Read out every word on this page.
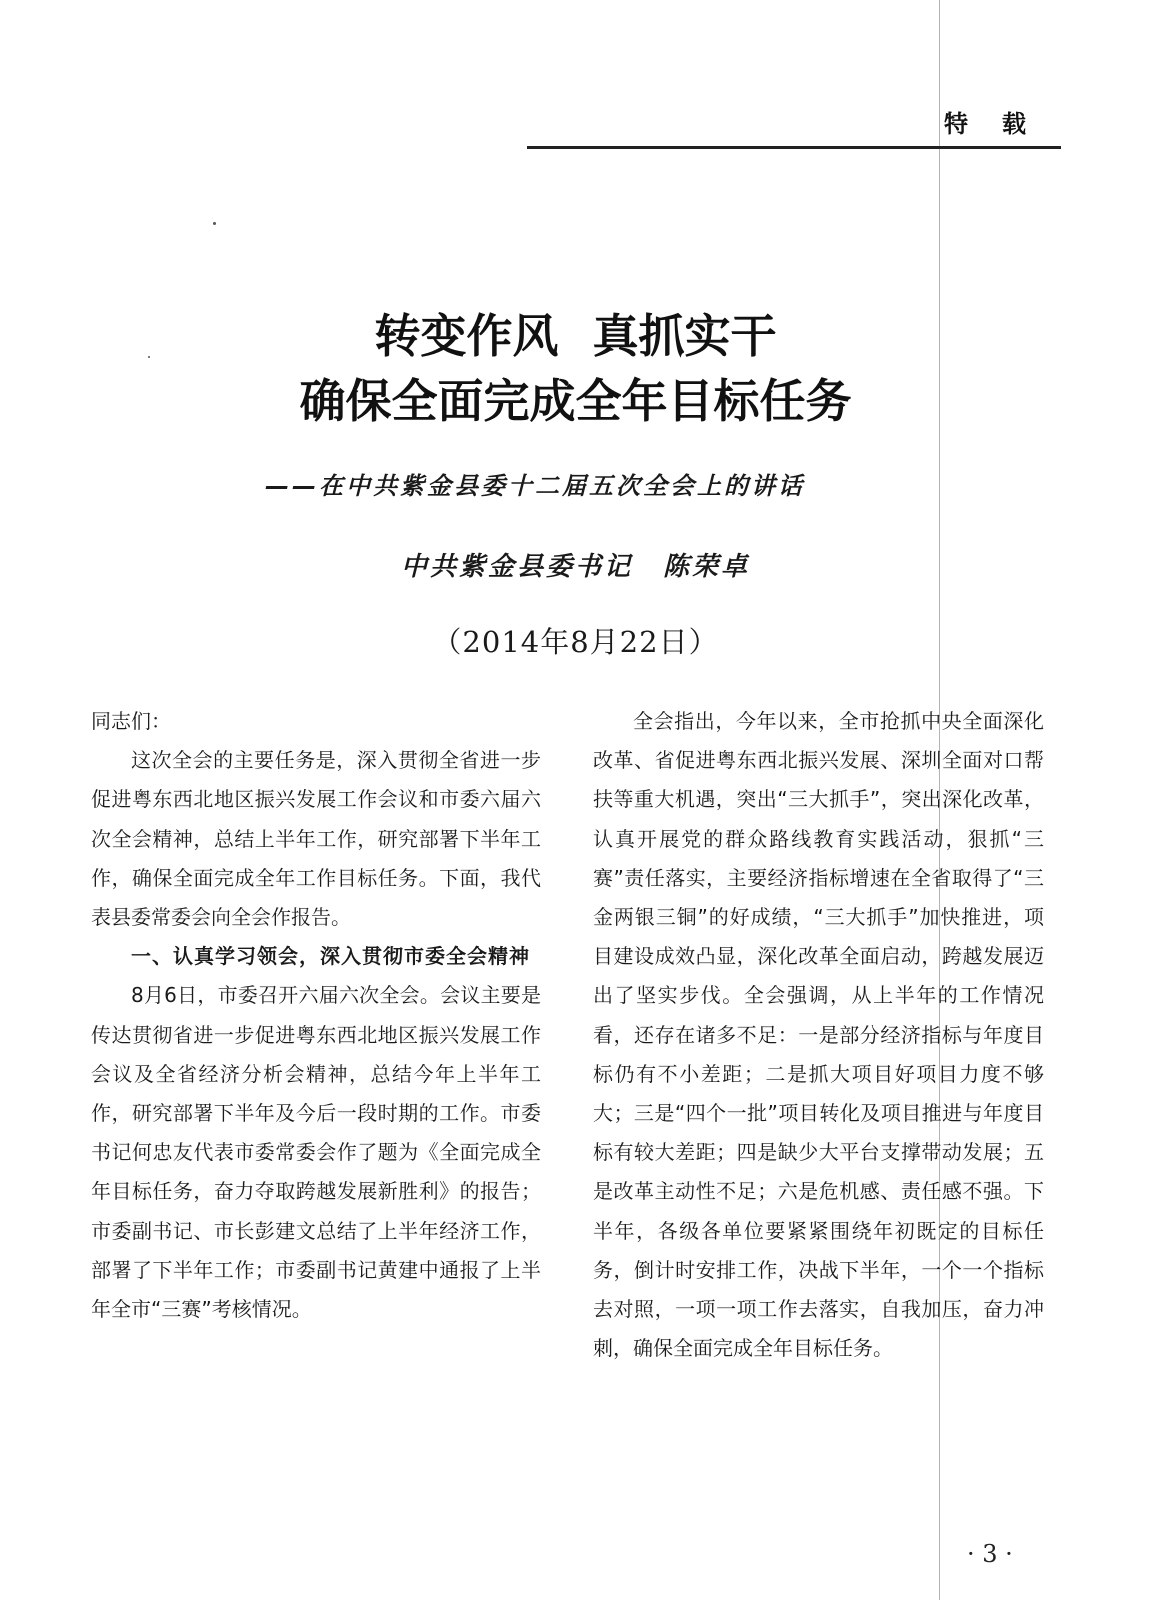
特载
转变作风 真抓实干
确保全面完成全年目标任务
——在中共紫金县委十二届五次全会上的讲话
中共紫金县委书记 陈荣卓
（2014年8月22日）

同志们：

这次全会的主要任务是，深入贯彻全省进一步促进粤东西北地区振兴发展工作会议和市委六届六次全会精神，总结上半年工作，研究部署下半年工作，确保全面完成全年工作目标任务。下面，我代表县委常委会向全会作报告。

一、认真学习领会，深入贯彻市委全会精神

8月6日，市委召开六届六次全会。会议主要是传达贯彻省进一步促进粤东西北地区振兴发展工作会议及全省经济分析会精神，总结今年上半年工作，研究部署下半年及今后一段时期的工作。市委书记何忠友代表市委常委会作了题为《全面完成全年目标任务，奋力夺取跨越发展新胜利》的报告；市委副书记、市长彭建文总结了上半年经济工作，部署了下半年工作；市委副书记黄建中通报了上半年全市“三赛”考核情况。

全会指出，今年以来，全市抢抓中央全面深化改革、省促进粤东西北振兴发展、深圳全面对口帮扶等重大机遇，突出“三大抓手”，突出深化改革，认真开展党的群众路线教育实践活动，狠抓“三赛”责任落实，主要经济指标增速在全省取得了“三金两银三铜”的好成绩，“三大抓手”加快推进，项目建设成效凸显，深化改革全面启动，跨越发展迈出了坚实步伐。全会强调，从上半年的工作情况看，还存在诸多不足：一是部分经济指标与年度目标仍有不小差距；二是抓大项目好项目力度不够大；三是“四个一批”项目转化及项目推进与年度目标有较大差距；四是缺少大平台支撑带动发展；五是改革主动性不足；六是危机感、责任感不强。下半年，各级各单位要紧紧围绕年初既定的目标任务，倒计时安排工作，决战下半年，一个一个指标去对照，一项一项工作去落实，自我加压，奋力冲刺，确保全面完成全年目标任务。

· 3 ·
